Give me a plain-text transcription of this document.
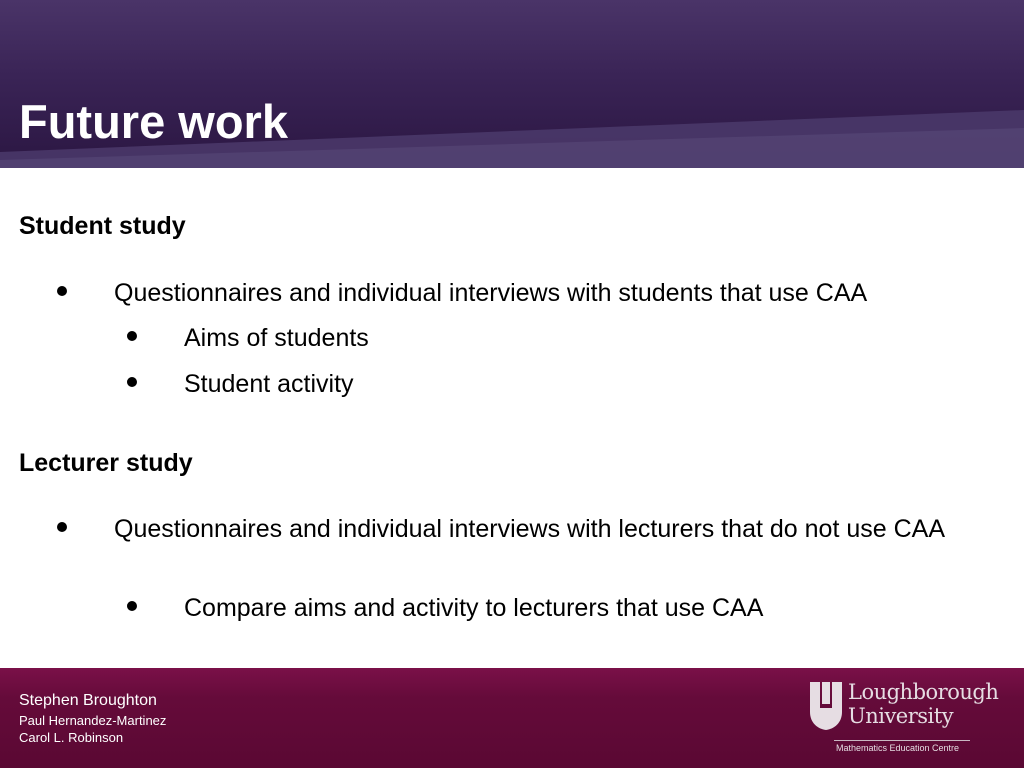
Future work
Student study
Questionnaires and individual interviews with students that use CAA
Aims of students
Student activity
Lecturer study
Questionnaires and individual interviews with lecturers that do not use CAA
Compare aims and activity to lecturers that use CAA
Stephen Broughton
Paul Hernandez-Martinez
Carol L. Robinson
Loughborough
University
Mathematics Education Centre
